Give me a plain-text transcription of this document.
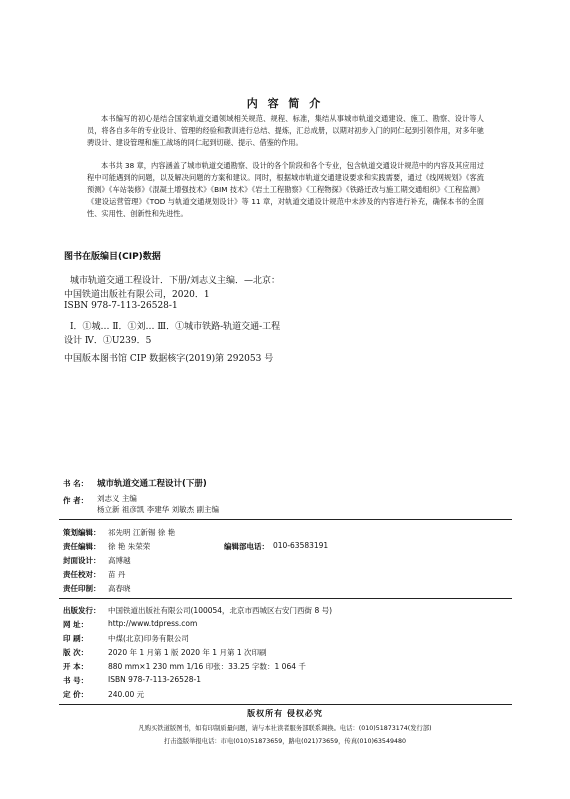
内 容 简 介
本书编写的初心是结合国家轨道交通领域相关规范、规程、标准，集结从事城市轨道交通建设、施工、勘察、设计等人员，将各自多年的专业设计、管理的经验和教训进行总结、提炼，汇总成册，以期对初步入门的同仁起到引领作用，对多年驰骋设计、建设管理和施工战场的同仁起到切磋、提示、借鉴的作用。
本书共 38 章，内容涵盖了城市轨道交通勘察、设计的各个阶段和各个专业，包含轨道交通设计规范中的内容及其应用过程中可能遇到的问题，以及解决问题的方案和建议。同时，根据城市轨道交通建设要求和实践需要，通过《线网规划》《客流预测》《车站装修》《混凝土增强技术》《BIM 技术》《岩土工程勘察》《工程物探》《铁路迁改与施工期交通组织》《工程监测》《建设运营管理》《TOD 与轨道交通规划设计》等 11 章，对轨道交通设计规范中未涉及的内容进行补充，确保本书的全面性、实用性、创新性和先进性。
图书在版编目(CIP)数据
城市轨道交通工程设计．下册/刘志义主编．—北京：
中国铁道出版社有限公司，2020．1
ISBN 978-7-113-26528-1
Ⅰ．①城… Ⅱ．①刘… Ⅲ．①城市铁路-轨道交通-工程
设计 Ⅳ．①U239．5
中国版本图书馆 CIP 数据核字(2019)第 292053 号
书 名： 城市轨道交通工程设计(下册)
作 者： 刘志义 主编
杨立新 祖彦凯 李建华 刘敏杰 副主编
策划编辑： 祁先明 江新锡 徐 艳
责任编辑： 徐 艳 朱荣荣	编辑部电话： 010-63583191
封面设计： 高博越
责任校对： 苗 丹
责任印制： 高春晓
出版发行： 中国铁道出版社有限公司(100054，北京市西城区右安门西街 8 号)
网 址：	http://www.tdpress.com
印 刷：	中煤(北京)印务有限公司
版 次：	2020 年 1 月第 1 版 2020 年 1 月第 1 次印刷
开 本：	880 mm×1 230 mm 1/16 印张：33.25 字数：1 064 千
书 号：	ISBN 978-7-113-26528-1
定 价：	240.00 元
版权所有 侵权必究
凡购买铁道版图书，如有印制质量问题，请与本社读者服务部联系调换。电话：(010)51873174(发行部)
打击盗版举报电话：市电(010)51873659，路电(021)73659，传真(010)63549480
